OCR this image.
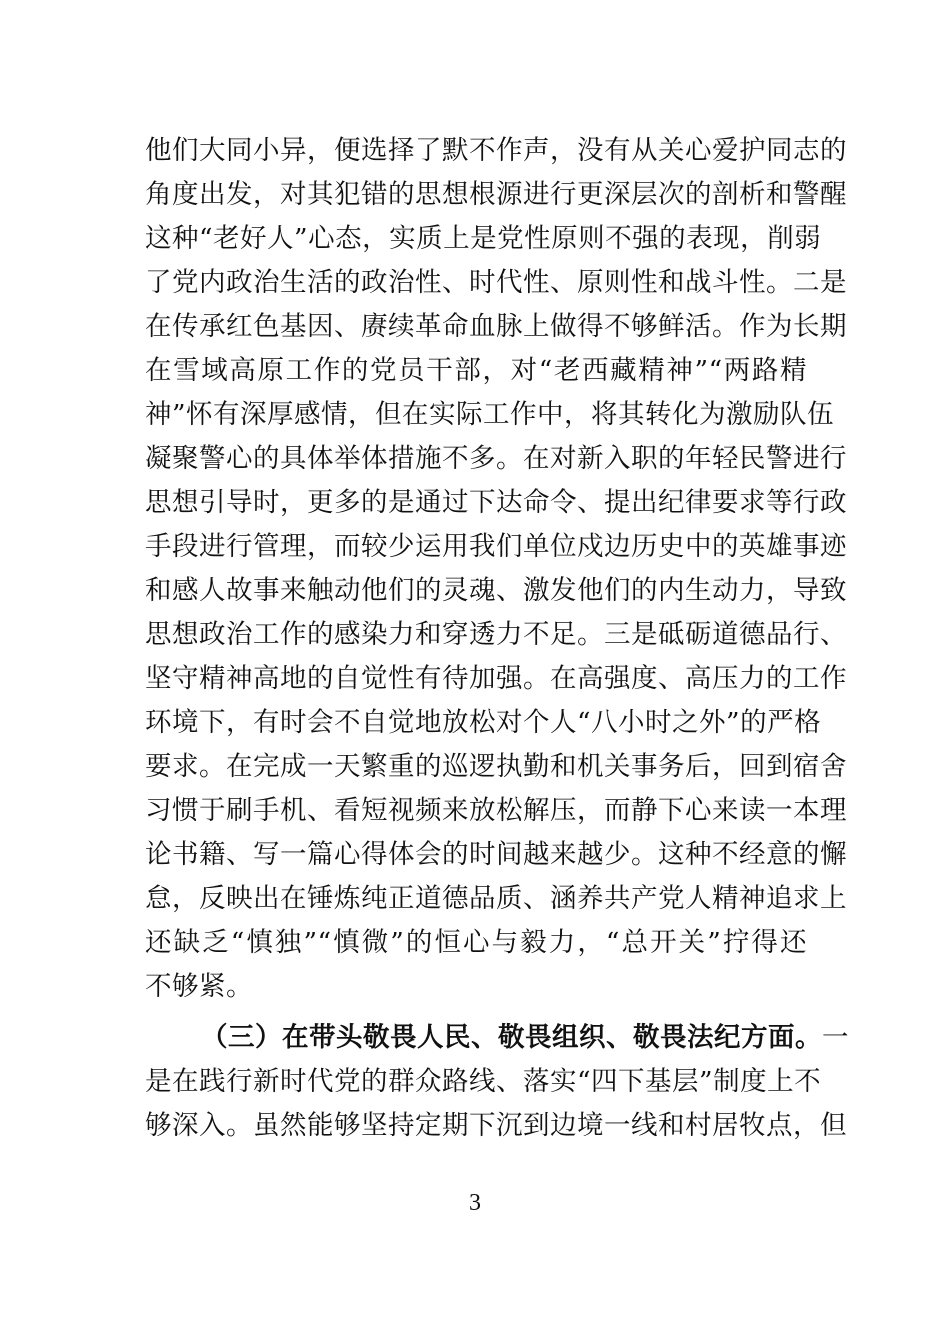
他们大同小异，便选择了默不作声，没有从关心爱护同志的
角度出发，对其犯错的思想根源进行更深层次的剖析和警醒
这种“老好人”心态，实质上是党性原则不强的表现，削弱
了党内政治生活的政治性、时代性、原则性和战斗性。二是
在传承红色基因、赓续革命血脉上做得不够鲜活。作为长期
在雪域高原工作的党员干部，对“老西藏精神”“两路精
神”怀有深厚感情，但在实际工作中，将其转化为激励队伍
凝聚警心的具体举体措施不多。在对新入职的年轻民警进行
思想引导时，更多的是通过下达命令、提出纪律要求等行政
手段进行管理，而较少运用我们单位戍边历史中的英雄事迹
和感人故事来触动他们的灵魂、激发他们的内生动力，导致
思想政治工作的感染力和穿透力不足。三是砥砺道德品行、
坚守精神高地的自觉性有待加强。在高强度、高压力的工作
环境下，有时会不自觉地放松对个人“八小时之外”的严格
要求。在完成一天繁重的巡逻执勤和机关事务后，回到宿舍
习惯于刷手机、看短视频来放松解压，而静下心来读一本理
论书籍、写一篇心得体会的时间越来越少。这种不经意的懈
怠，反映出在锤炼纯正道德品质、涵养共产党人精神追求上
还缺乏“慎独”“慎微”的恒心与毅力，“总开关”拧得还
不够紧。
（三）在带头敬畏人民、敬畏组织、敬畏法纪方面。一
是在践行新时代党的群众路线、落实“四下基层”制度上不
够深入。虽然能够坚持定期下沉到边境一线和村居牧点，但
3
